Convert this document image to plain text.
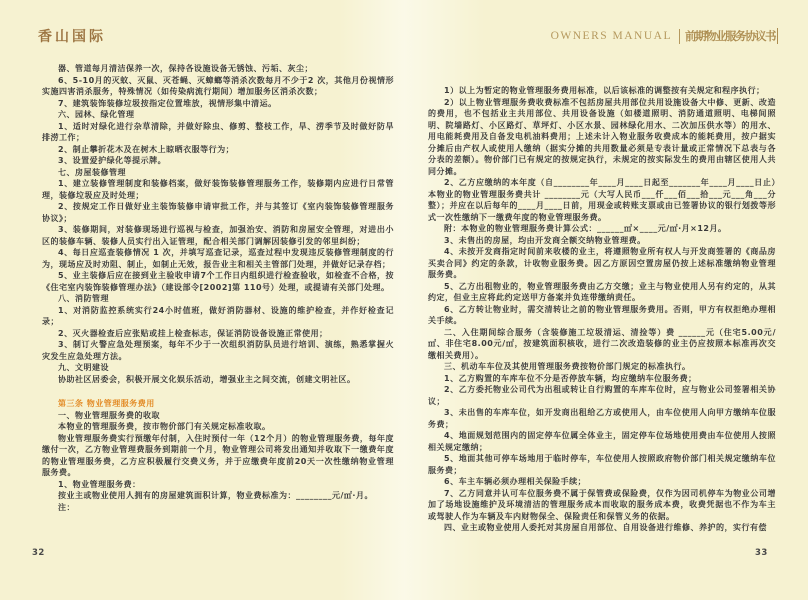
香山国际	OWNERS MANUAL 前期物业服务协议书

器、管道每月清洁保养一次，保持各设施设备无锈蚀、污垢、灰尘；

6、5-10月的灭蚊、灭鼠、灭苍蝇、灭蟑螂等消杀次数每月不少于2 次，其他月份视情形实施四害消杀服务，特殊情况（如传染病流行期间）增加服务区消杀次数；

7、建筑装饰装修垃圾按指定位置堆放，视情形集中清运。

六、园林、绿化管理

1、适时对绿化进行杂草清除，并做好除虫、修剪、整枝工作，旱、涝季节及时做好防旱排涝工作；

2、制止攀折花木及在树木上晾晒衣服等行为；

3、设置爱护绿化等提示牌。

七、房屋装修管理

1、建立装修管理制度和装修档案，做好装饰装修管理服务工作，装修期内应进行日常管理，装修垃圾应及时处理；

2、按规定工作日做好业主装饰装修申请审批工作，并与其签订《室内装饰装修管理服务协议》；

3、装修期间，对装修现场进行巡视与检查，加强治安、消防和房屋安全管理，对进出小区的装修车辆、装修人员实行出入证管理，配合相关部门调解因装修引发的邻里纠纷；

4、每日应巡查装修情况 1 次，并填写巡查记录，巡查过程中发现违反装修管理制度的行为，现场应及时劝阻、制止，如制止无效，报告业主和相关主管部门处理，并做好记录存档；

5、业主装修后应在接到业主验收申请7个工作日内组织进行检查验收，如检查不合格，按《住宅室内装饰装修管理办法》（建设部令[2002]第 110号）处理，或提请有关部门处理。

八、消防管理

1、对消防监控系统实行24小时值班，做好消防器材、设施的维护检查，并作好检查记录；

2、灭火器检查后应张贴或挂上检查标志，保证消防设备设施正常使用；

3、制订火警应急处理预案，每年不少于一次组织消防队员进行培训、演练，熟悉掌握火灾发生应急处理方法。

九、文明建设

协助社区居委会，积极开展文化娱乐活动，增强业主之间交流，创建文明社区。

第三条 物业管理服务费用

一、物业管理服务费的收取

本物业的管理服务费，按市物价部门有关规定标准收取。

物业管理服务费实行预缴年付制，入住时预付一年（12个月）的物业管理服务费，每年度缴付一次，乙方物业管理费服务到期前一个月，物业管理公司将发出通知并收取下一缴费年度的物业管理服务费，乙方应积极履行交费义务，并于应缴费年度前20天一次性缴纳物业管理服务费。

1、物业管理服务费：

按业主或物业使用人拥有的房屋建筑面积计算，物业费标准为：________元/㎡·月。

注：

1）以上为暂定的物业管理服务费用标准，以后该标准的调整按有关规定和程序执行；

2）以上物业管理服务费收费标准不包括房屋共用部位共用设施设备大中修、更新、改造的费用，也不包括业主共用部位、共用设备设施（如楼道照明、消防通道照明、电梯间照明、院墙路灯、小区路灯、草坪灯、小区水景、园林绿化用水、二次加压供水等）的用水、用电能耗费用及自备发电机油料费用；上述未计入物业服务收费成本的能耗费用，按户据实分摊后由产权人或使用人缴纳（据实分摊的共用数量必须是专表计量或正常情况下总表与各分表的差额）。物价部门已有规定的按规定执行，未规定的按实际发生的费用由辖区使用人共同分摊。

2、乙方应缴纳的本年度（自________年____月____日起至_______年____月____日止）本物业的物业管理服务费共计 ________元（大写人民币___仟___佰___拾___元___角___分整）；并应在以后每年的____月____日前，用现金或转账支票或由已签署协议的银行划拨等形式一次性缴纳下一缴费年度的物业管理服务费。

附：本物业的物业管理服务费计算公式：______㎡×____元/㎡·月×12月。

3、未售出的房屋，均由开发商全额交纳物业管理费。

4、未按开发商指定时间前来收楼的业主，将遵照物业所有权人与开发商签署的《商品房买卖合同》约定的条款，计收物业服务费。因乙方原因空置房屋仍按上述标准缴纳物业管理服务费。

5、乙方出租物业的，物业管理服务费由乙方交缴；业主与物业使用人另有约定的，从其约定，但业主应将此约定送甲方备案并负连带缴纳责任。

6、乙方转让物业时，需交清转让之前的物业管理服务费用。否则，甲方有权拒绝办理相关手续。

二、入住期间综合服务（含装修施工垃圾清运、清捡等）费 ______元（住宅5.00元/㎡、非住宅8.00元/㎡，按建筑面积核收，进行二次改造装修的业主仍应按照本标准再次交缴相关费用）。

三、机动车车位及其使用管理服务费按物价部门规定的标准执行。

1、乙方购置的车库车位不分是否停放车辆，均应缴纳车位服务费；

2、乙方委托物业公司代为出租或转让自行购置的车库车位时，应与物业公司签署相关协议；

3、未出售的车库车位，如开发商出租给乙方或使用人，由车位使用人向甲方缴纳车位服务费；

4、地面规划范围内的固定停车位属全体业主，固定停车位场地使用费由车位使用人按照相关规定缴纳；

5、地面其他可停车场地用于临时停车，车位使用人按照政府物价部门相关规定缴纳车位服务费；

6、车主车辆必须办理相关保险手续；

7、乙方同意并认可车位服务费不属于保管费或保险费，仅作为因司机停车为物业公司增加了场地设施维护及环境清洁的管理服务成本而收取的服务成本费，收费凭据也不作为车主或驾驶人作为车辆及车内财物保全、保险责任和保管义务的依据。

四、业主或物业使用人委托对其房屋自用部位、自用设备进行维修、养护的，实行有偿

32	33
